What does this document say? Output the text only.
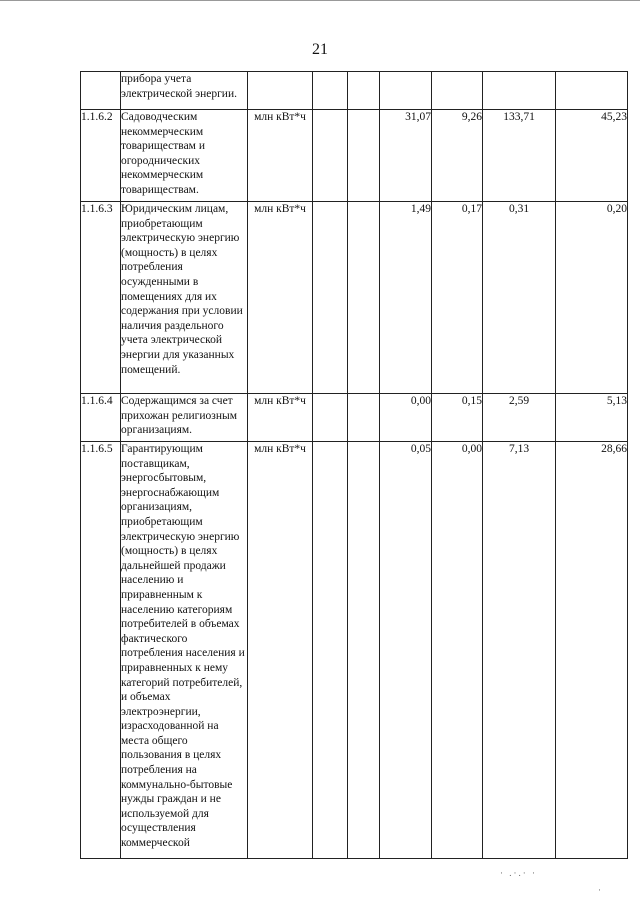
21
	прибора учета электрической энергии.							
1.1.6.2	Садоводческим некоммерческим товариществам и огороднических некоммерческим товариществам.	млн кВт*ч			31,07	9,26	133,71	45,23
1.1.6.3	Юридическим лицам, приобретающим электрическую энергию (мощность) в целях потребления осужденными в помещениях для их содержания при условии наличия раздельного учета электрической энергии для указанных помещений.	млн кВт*ч			1,49	0,17	0,31	0,20
1.1.6.4	Содержащимся за счет прихожан религиозным организациям.	млн кВт*ч			0,00	0,15	2,59	5,13
1.1.6.5	Гарантирующим поставщикам, энергосбытовым, энергоснабжающим организациям, приобретающим электрическую энергию (мощность) в целях дальнейшей продажи населению и приравненным к населению категориям потребителей в объемах фактического потребления населения и приравненных к нему категорий потребителей, и объемах электроэнергии, израсходованной на места общего пользования в целях потребления на коммунально-бытовые нужды граждан и не используемой для осуществления коммерческой	млн кВт*ч			0,05	0,00	7,13	28,66
· .·.· ·
·
